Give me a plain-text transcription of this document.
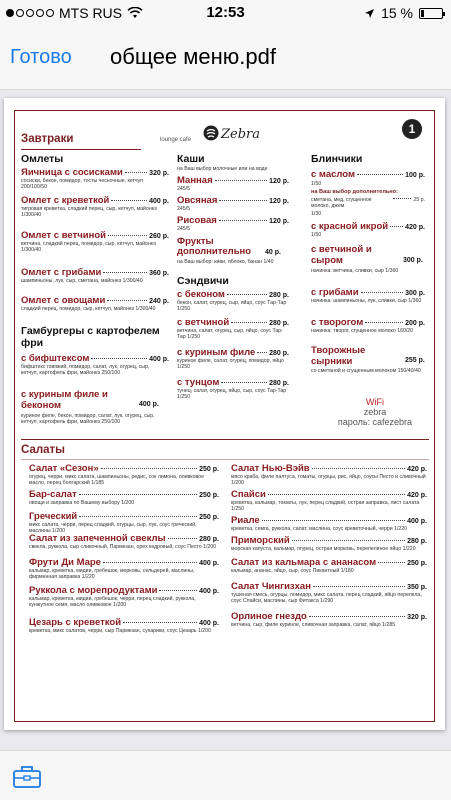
MTS RUS	12:53	15 %
Готово общее меню.pdf
Завтраки	lounge cafe Zebra	1
Омлеты
Яичница с сосисками	320 р.
сосиски, бекон, помидор, тосты чесночные, кетчуп 200/100/50
Омлет с креветкой	400 р.
тигровая креветка, сладкий перец, сыр, кетчуп, майонез 1/300/40
Омлет с ветчиной	260 р.
ветчина, сладкий перец, помидор, сыр, кетчуп, майонез 1/300/40
Омлет с грибами	360 р.
шампиньоны, лук, сыр, сметана, майонез 1/300/40
Омлет с овощами	240 р.
сладкий перец, помидор, сыр, кетчуп, майонез 1/300/40
Гамбургеры с картофелем фри
с бифштексом	400 р.
бифштекс говяжий, помидор, салат, лук, огурец, сыр, кетчуп, картофель фри, майонез 250/100
с куриным филе и беконом	400 р.
куриное филе, бекон, помидор, салат, лук, огурец, сыр, кетчуп, картофель фри, майонез 250/100
Каши
на Ваш выбор молочные или на воде
Манная	120 р.
245/5
Овсяная	120 р.
245/5
Рисовая	120 р.
245/5
Фрукты дополнительно	40 р.
на Ваш выбор: киви, яблоко, банан 1/40
Сэндвичи
с беконом	280 р.
бекон, салат, огурец, сыр, яйцо, соус Тар-Тар 1/250
с ветчиной	280 р.
ветчина, салат, огурец, сыр, яйцо, соус Тар-Тар 1/250
с куриным филе 280 р.
куриное филе, салат, огурец, помидор, яйцо 1/250
с тунцом	280 р.
тунец, салат, огурец, яйцо, сыр, соус Тар-Тар 1/250
Блинчики
с маслом	100 р.
1/50
на Ваш выбор дополнительно:
сметана, мед, сгущенное молоко, джем
25 р.
1/30
с красной икрой 420 р.
1/50
с ветчиной и сыром	300 р.
начинка: ветчина, сливки, сыр 1/360
с грибами	300 р.
начинка: шампиньоны, лук, сливки, сыр 1/360
с творогом	200 р.
начинка: творог, сгущенное молоко 160/20
Творожные сырники	255 р.
со сметаной и сгущенным молоком 150/40/40
WiFi
zebra
пароль: cafezebra
Салаты
Салат «Сезон»	250 р.
огурец, черри, микс салата, шампиньоны, редис, сок лимона, оливковое масло, перец болгарский 1/185
Бар-салат	250 р.
овощи и заправка по Вашему выбору 1/200
Греческий	250 р.
микс салата, черри, перец сладкий, огурцы, сыр, лук, соус греческий, маслины 1/200
Салат из запеченной свеклы	280 р.
свекла, руккола, сыр сливочный, Пармезан, орех кедровый, соус Песто 1/200
Фрути Ди Маре	400 р.
кальмар, креветка, мидии, гребешок, морковь, сельдерей, маслины, фирменная заправка 1/220
Руккола с морепродуктами	400 р.
кальмар, креветка, мидии, гребешок, черри, перец сладкий, руккола, кунжутное семя, масло оливковое 1/200
Цезарь с креветкой	400 р.
креветка, микс салатов, черри, сыр Пармезан, сухарики, соус Цезарь 1/200
Салат Нью-Вэйв	420 р.
мясо краба, филе палтуса, томаты, огурцы, рис, яйцо, соусы Песто и сливочный 1/200
Спайси	420 р.
креветка, кальмар, томаты, лук, перец сладкий, острая заправка, лист салата 1/250
Риале	400 р.
креветка, семга, руккола, салат, маслина, соус креветочный, черри 1/220
Приморский	280 р.
морская капуста, кальмар, огурец, острая морковь, перепелиное яйцо 1/220
Салат из кальмара с ананасом	250 р.
кальмар, ананас, яйцо, сыр, соус Пикантный 1/180
Салат Чингизхан	350 р.
тушеная смесь, огурцы, помидор, микс салата, перец сладкий, яйцо перепела, соус Спайси, маслины, сыр Фитакса 1/290
Орлиное гнездо	320 р.
ветчина, сыр, филе куриное, сливочная заправка, салат, яйцо 1/285
